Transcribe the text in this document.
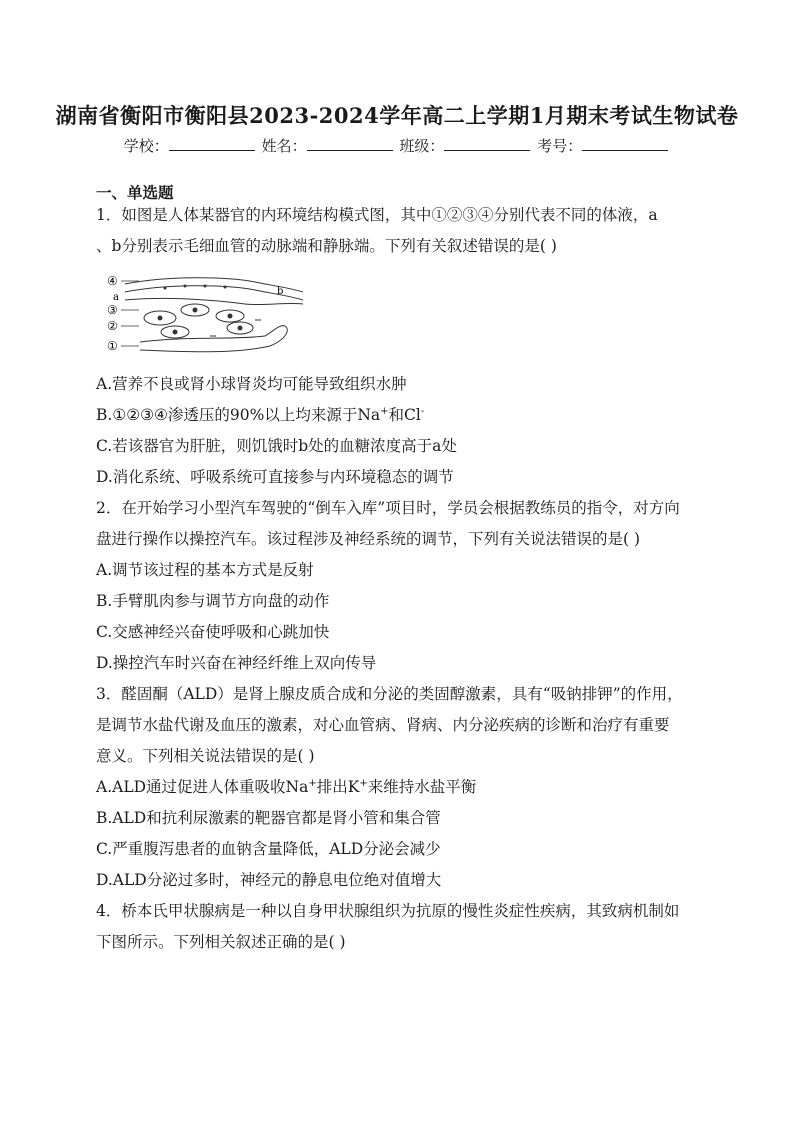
湖南省衡阳市衡阳县2023-2024学年高二上学期1月期末考试生物试卷
学校：	姓名：	班级：	考号：
一、单选题
1．如图是人体某器官的内环境结构模式图，其中①②③④分别代表不同的体液，a
、b分别表示毛细血管的动脉端和静脉端。下列有关叙述错误的是( )
④
a
③
②
①
b
A.营养不良或肾小球肾炎均可能导致组织水肿
B.①②③④渗透压的90%以上均来源于Na+和Cl-
C.若该器官为肝脏，则饥饿时b处的血糖浓度高于a处
D.消化系统、呼吸系统可直接参与内环境稳态的调节
2．在开始学习小型汽车驾驶的“倒车入库”项目时，学员会根据教练员的指令，对方向
盘进行操作以操控汽车。该过程涉及神经系统的调节，下列有关说法错误的是( )
A.调节该过程的基本方式是反射
B.手臂肌肉参与调节方向盘的动作
C.交感神经兴奋使呼吸和心跳加快
D.操控汽车时兴奋在神经纤维上双向传导
3．醛固酮（ALD）是肾上腺皮质合成和分泌的类固醇激素，具有“吸钠排钾”的作用，
是调节水盐代谢及血压的激素，对心血管病、肾病、内分泌疾病的诊断和治疗有重要
意义。下列相关说法错误的是( )
A.ALD通过促进人体重吸收Na+排出K+来维持水盐平衡
B.ALD和抗利尿激素的靶器官都是肾小管和集合管
C.严重腹泻患者的血钠含量降低，ALD分泌会减少
D.ALD分泌过多时，神经元的静息电位绝对值增大
4．桥本氏甲状腺病是一种以自身甲状腺组织为抗原的慢性炎症性疾病，其致病机制如
下图所示。下列相关叙述正确的是( )
